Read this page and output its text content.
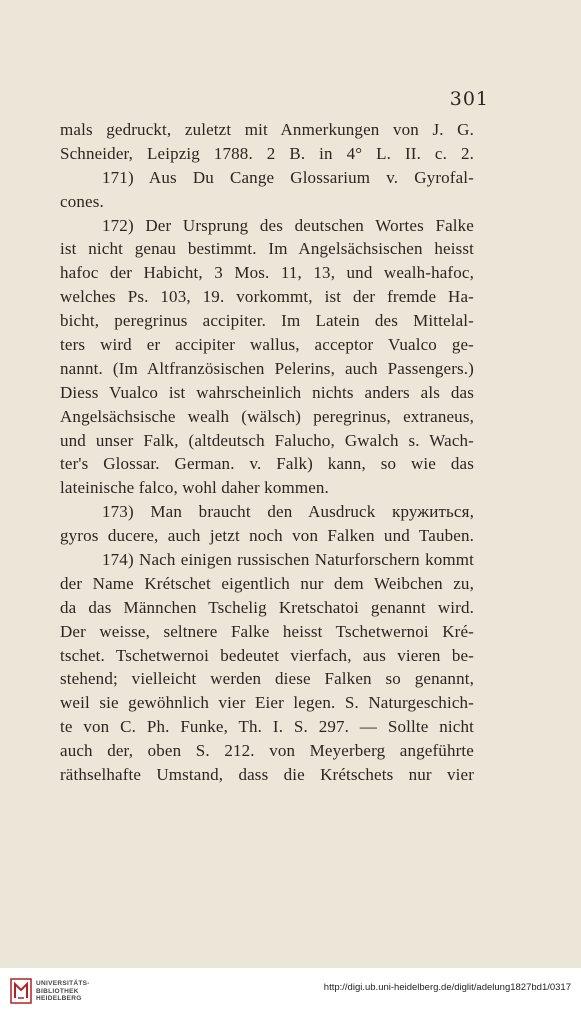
301
mals gedruckt, zuletzt mit Anmerkungen von J. G.
Schneider, Leipzig 1788. 2 B. in 4° L. II. c. 2.
171) Aus Du Cange Glossarium v. Gyrofal-
cones.
172) Der Ursprung des deutschen Wortes Falke
ist nicht genau bestimmt. Im Angelsächsischen heisst
hafoc der Habicht, 3 Mos. 11, 13, und wealh-hafoc,
welches Ps. 103, 19. vorkommt, ist der fremde Ha-
bicht, peregrinus accipiter. Im Latein des Mittelal-
ters wird er accipiter wallus, acceptor Vualco ge-
nannt. (Im Altfranzösischen Pelerins, auch Passengers.)
Diess Vualco ist wahrscheinlich nichts anders als das
Angelsächsische wealh (wälsch) peregrinus, extraneus,
und unser Falk, (altdeutsch Falucho, Gwalch s. Wach-
ter's Glossar. German. v. Falk) kann, so wie das
lateinische falco, wohl daher kommen.
173) Man braucht den Ausdruck кружиться,
gyros ducere, auch jetzt noch von Falken und Tauben.
174) Nach einigen russischen Naturforschern kommt
der Name Krétschet eigentlich nur dem Weibchen zu,
da das Männchen Tschelig Kretschatoi genannt wird.
Der weisse, seltnere Falke heisst Tschetwernoi Kré-
tschet. Tschetwernoi bedeutet vierfach, aus vieren be-
stehend; vielleicht werden diese Falken so genannt,
weil sie gewöhnlich vier Eier legen. S. Naturgeschich-
te von C. Ph. Funke, Th. I. S. 297. — Sollte nicht
auch der, oben S. 212. von Meyerberg angeführte
räthselhafte Umstand, dass die Krétschets nur vier
UNIVERSITÄTS-
BIBLIOTHEK
HEIDELBERG
http://digi.ub.uni-heidelberg.de/diglit/adelung1827bd1/0317
